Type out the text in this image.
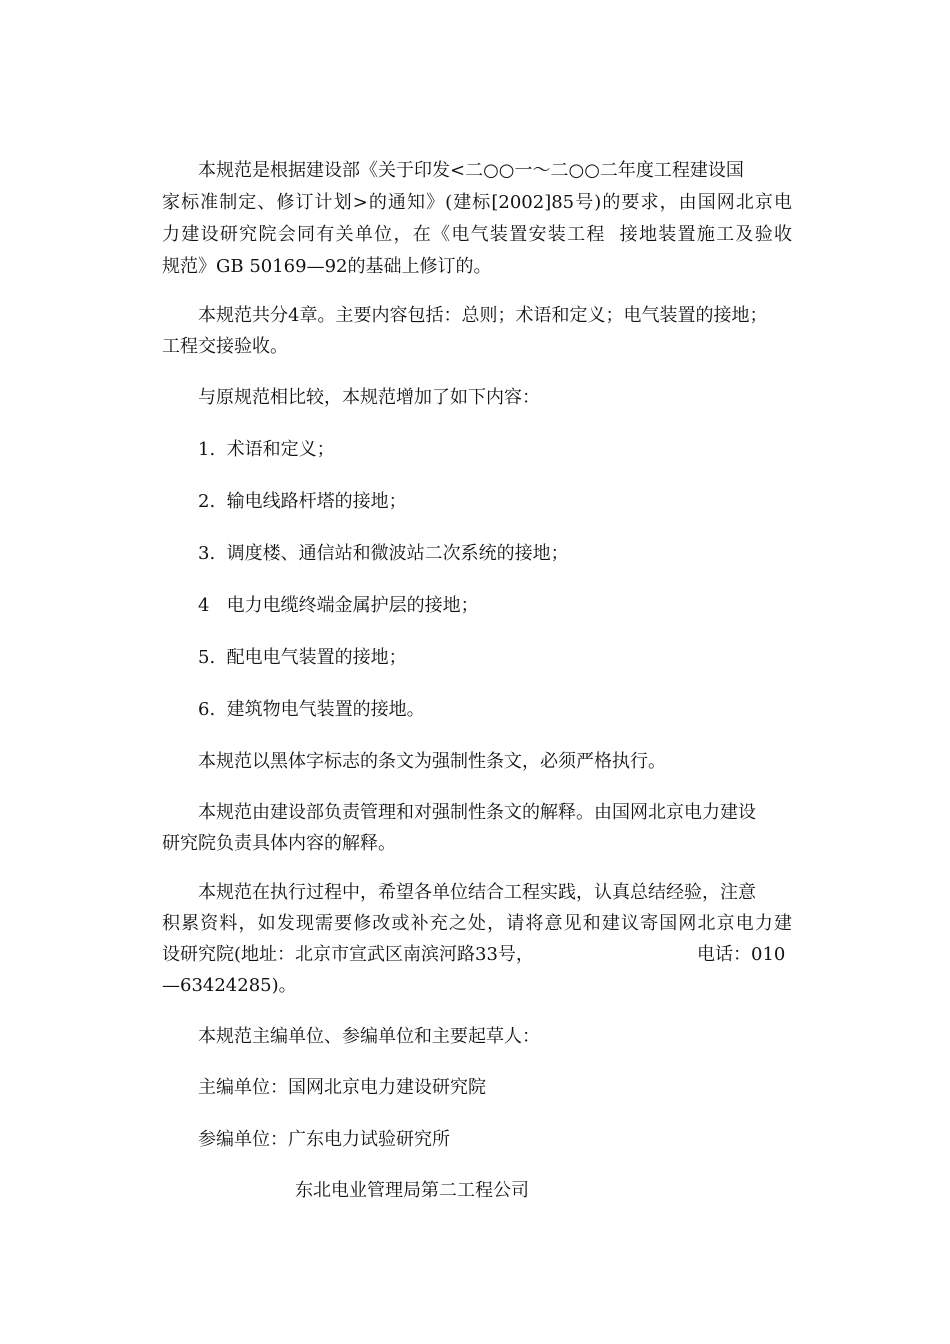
本规范是根据建设部《关于印发<二○○一～二○○二年度工程建设国
家标准制定、修订计划>的通知》(建标[2002]85号)的要求，由国网北京电
力建设研究院会同有关单位，在《电气装置安装工程  接地装置施工及验收
规范》GB 50169—92的基础上修订的。
本规范共分4章。主要内容包括：总则；术语和定义；电气装置的接地；
工程交接验收。
与原规范相比较，本规范增加了如下内容：
1.  术语和定义；
2.  输电线路杆塔的接地；
3.  调度楼、通信站和微波站二次系统的接地；
4   电力电缆终端金属护层的接地；
5.  配电电气装置的接地；
6.  建筑物电气装置的接地。
本规范以黑体字标志的条文为强制性条文，必须严格执行。
本规范由建设部负责管理和对强制性条文的解释。由国网北京电力建设
研究院负责具体内容的解释。
本规范在执行过程中，希望各单位结合工程实践，认真总结经验，注意
积累资料，如发现需要修改或补充之处，请将意见和建议寄国网北京电力建
设研究院(地址：北京市宣武区南滨河路33号，	电话：010
—63424285)。
本规范主编单位、参编单位和主要起草人：
主编单位：国网北京电力建设研究院
参编单位：广东电力试验研究所
东北电业管理局第二工程公司
